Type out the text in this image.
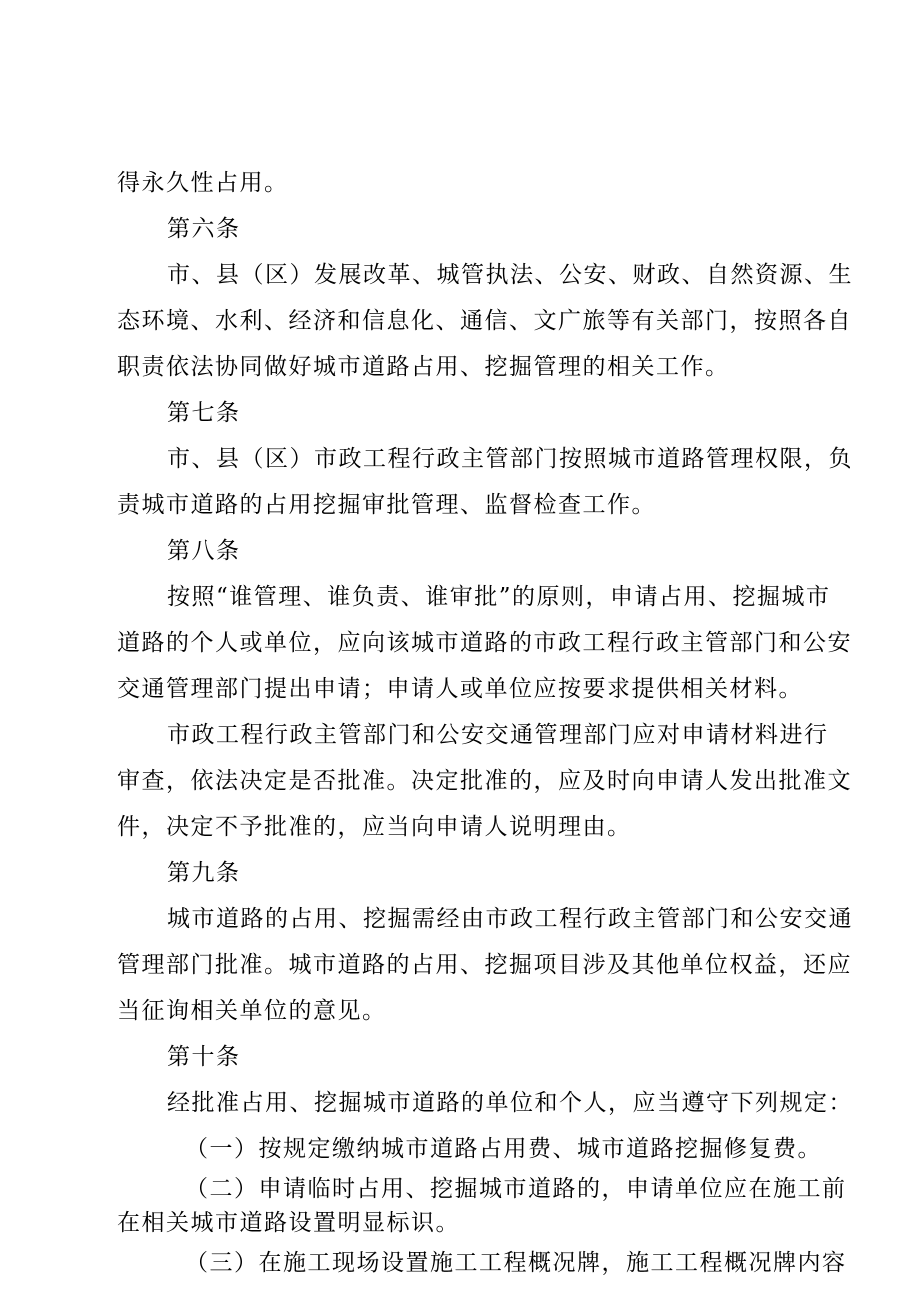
得永久性占用。
第六条
市、县（区）发展改革、城管执法、公安、财政、自然资源、生
态环境、水利、经济和信息化、通信、文广旅等有关部门，按照各自
职责依法协同做好城市道路占用、挖掘管理的相关工作。
第七条
市、县（区）市政工程行政主管部门按照城市道路管理权限，负
责城市道路的占用挖掘审批管理、监督检查工作。
第八条
按照“谁管理、谁负责、谁审批”的原则，申请占用、挖掘城市
道路的个人或单位，应向该城市道路的市政工程行政主管部门和公安
交通管理部门提出申请；申请人或单位应按要求提供相关材料。
市政工程行政主管部门和公安交通管理部门应对申请材料进行
审查，依法决定是否批准。决定批准的，应及时向申请人发出批准文
件，决定不予批准的，应当向申请人说明理由。
第九条
城市道路的占用、挖掘需经由市政工程行政主管部门和公安交通
管理部门批准。城市道路的占用、挖掘项目涉及其他单位权益，还应
当征询相关单位的意见。
第十条
经批准占用、挖掘城市道路的单位和个人，应当遵守下列规定：
（一）按规定缴纳城市道路占用费、城市道路挖掘修复费。
（二）申请临时占用、挖掘城市道路的，申请单位应在施工前
在相关城市道路设置明显标识。
（三）在施工现场设置施工工程概况牌，施工工程概况牌内容
